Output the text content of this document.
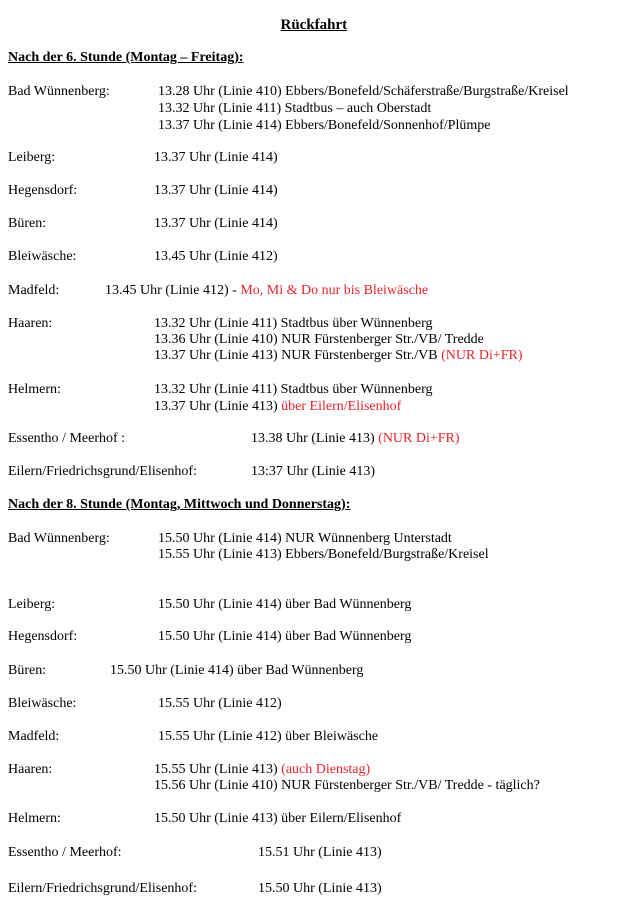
Rückfahrt
Nach der 6. Stunde (Montag – Freitag):
Bad Wünnenberg:	13.28 Uhr (Linie 410) Ebbers/Bonefeld/Schäferstraße/Burgstraße/Kreisel
13.32 Uhr (Linie 411) Stadtbus – auch Oberstadt
13.37 Uhr (Linie 414) Ebbers/Bonefeld/Sonnenhof/Plümpe
Leiberg:	13.37 Uhr (Linie 414)
Hegensdorf:	13.37 Uhr (Linie 414)
Büren:	13.37 Uhr (Linie 414)
Bleiwäsche:	13.45 Uhr (Linie 412)
Madfeld:	13.45 Uhr (Linie 412) - Mo, Mi & Do nur bis Bleiwäsche
Haaren:	13.32 Uhr (Linie 411) Stadtbus über Wünnenberg
13.36 Uhr (Linie 410) NUR Fürstenberger Str./VB/ Tredde
13.37 Uhr (Linie 413) NUR Fürstenberger Str./VB (NUR Di+FR)
Helmern:	13.32 Uhr (Linie 411) Stadtbus über Wünnenberg
13.37 Uhr (Linie 413) über Eilern/Elisenhof
Essentho / Meerhof :	13.38 Uhr (Linie 413) (NUR Di+FR)
Eilern/Friedrichsgrund/Elisenhof:	13:37 Uhr (Linie 413)
Nach der 8. Stunde (Montag, Mittwoch und Donnerstag):
Bad Wünnenberg:	15.50 Uhr (Linie 414) NUR Wünnenberg Unterstadt
15.55 Uhr (Linie 413) Ebbers/Bonefeld/Burgstraße/Kreisel
Leiberg:	15.50 Uhr (Linie 414) über Bad Wünnenberg
Hegensdorf:	15.50 Uhr (Linie 414) über Bad Wünnenberg
Büren:	15.50 Uhr (Linie 414) über Bad Wünnenberg
Bleiwäsche:	15.55 Uhr (Linie 412)
Madfeld:	15.55 Uhr (Linie 412) über Bleiwäsche
Haaren:	15.55 Uhr (Linie 413) (auch Dienstag)
15.56 Uhr (Linie 410) NUR Fürstenberger Str./VB/ Tredde - täglich?
Helmern:	15.50 Uhr (Linie 413) über Eilern/Elisenhof
Essentho / Meerhof:	15.51 Uhr (Linie 413)
Eilern/Friedrichsgrund/Elisenhof:	15.50 Uhr (Linie 413)
